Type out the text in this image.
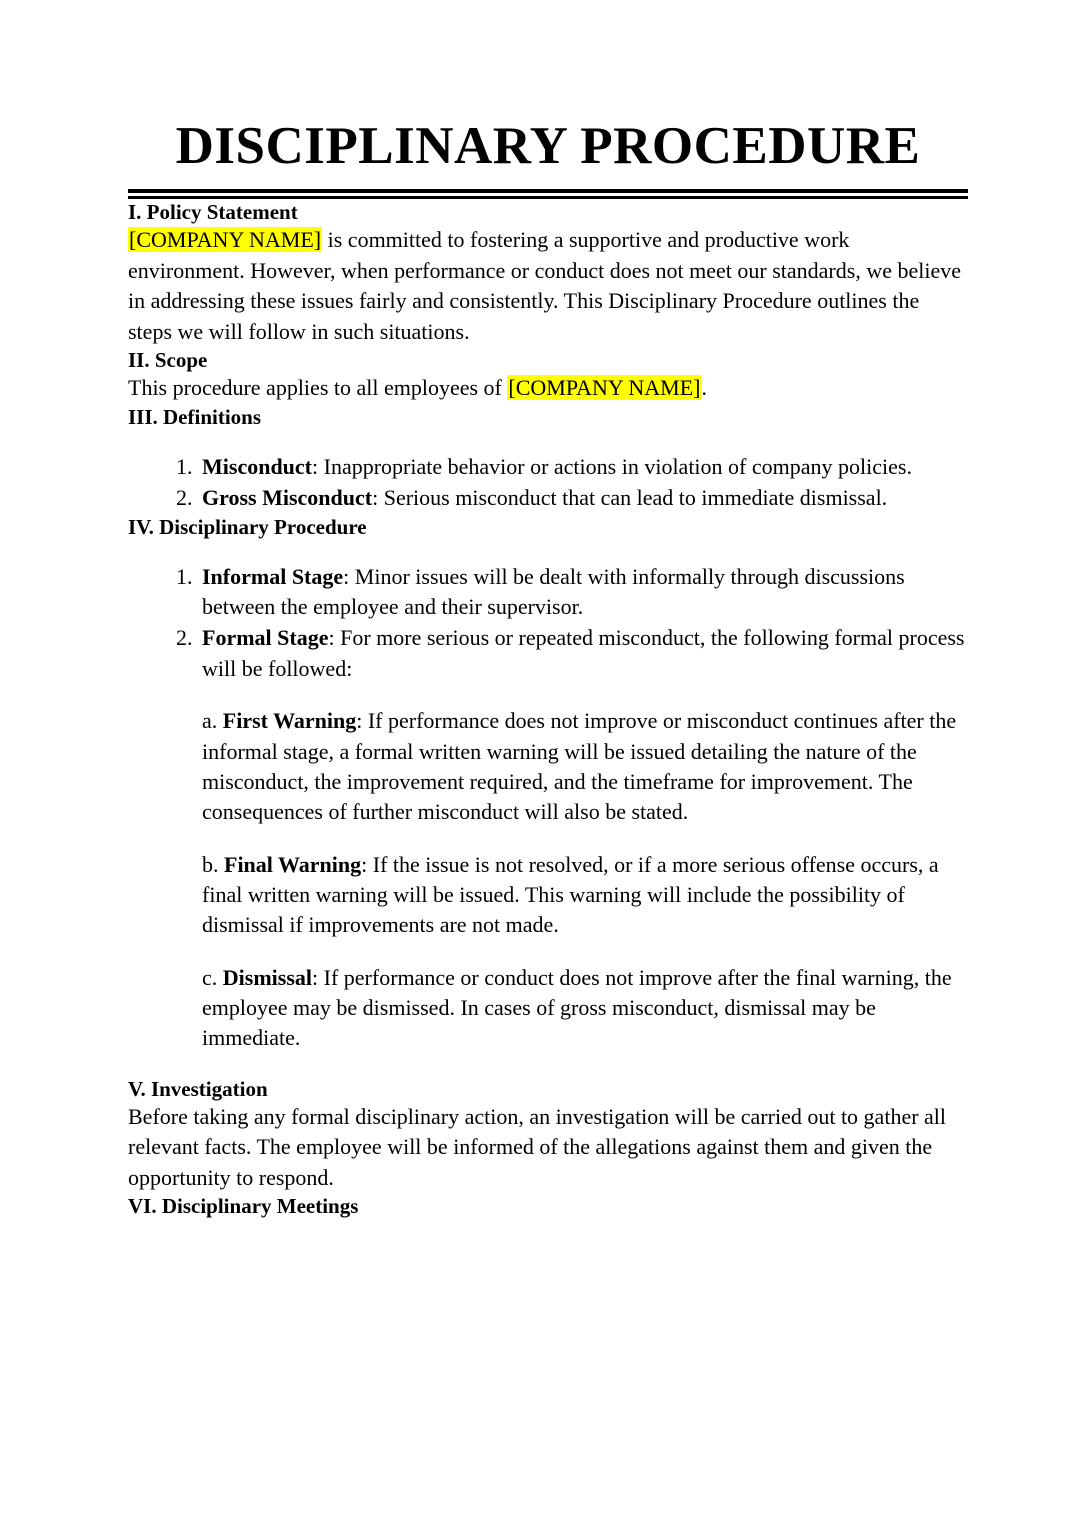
DISCIPLINARY PROCEDURE
I. Policy Statement

[COMPANY NAME] is committed to fostering a supportive and productive work environment. However, when performance or conduct does not meet our standards, we believe in addressing these issues fairly and consistently. This Disciplinary Procedure outlines the steps we will follow in such situations.

II. Scope

This procedure applies to all employees of [COMPANY NAME].

III. Definitions
1. Misconduct: Inappropriate behavior or actions in violation of company policies.
2. Gross Misconduct: Serious misconduct that can lead to immediate dismissal.
IV. Disciplinary Procedure
1. Informal Stage: Minor issues will be dealt with informally through discussions between the employee and their supervisor.
2. Formal Stage: For more serious or repeated misconduct, the following formal process will be followed:

a. First Warning: If performance does not improve or misconduct continues after the informal stage, a formal written warning will be issued detailing the nature of the misconduct, the improvement required, and the timeframe for improvement. The consequences of further misconduct will also be stated.

b. Final Warning: If the issue is not resolved, or if a more serious offense occurs, a final written warning will be issued. This warning will include the possibility of dismissal if improvements are not made.

c. Dismissal: If performance or conduct does not improve after the final warning, the employee may be dismissed. In cases of gross misconduct, dismissal may be immediate.

V. Investigation

Before taking any formal disciplinary action, an investigation will be carried out to gather all relevant facts. The employee will be informed of the allegations against them and given the opportunity to respond.

VI. Disciplinary Meetings
